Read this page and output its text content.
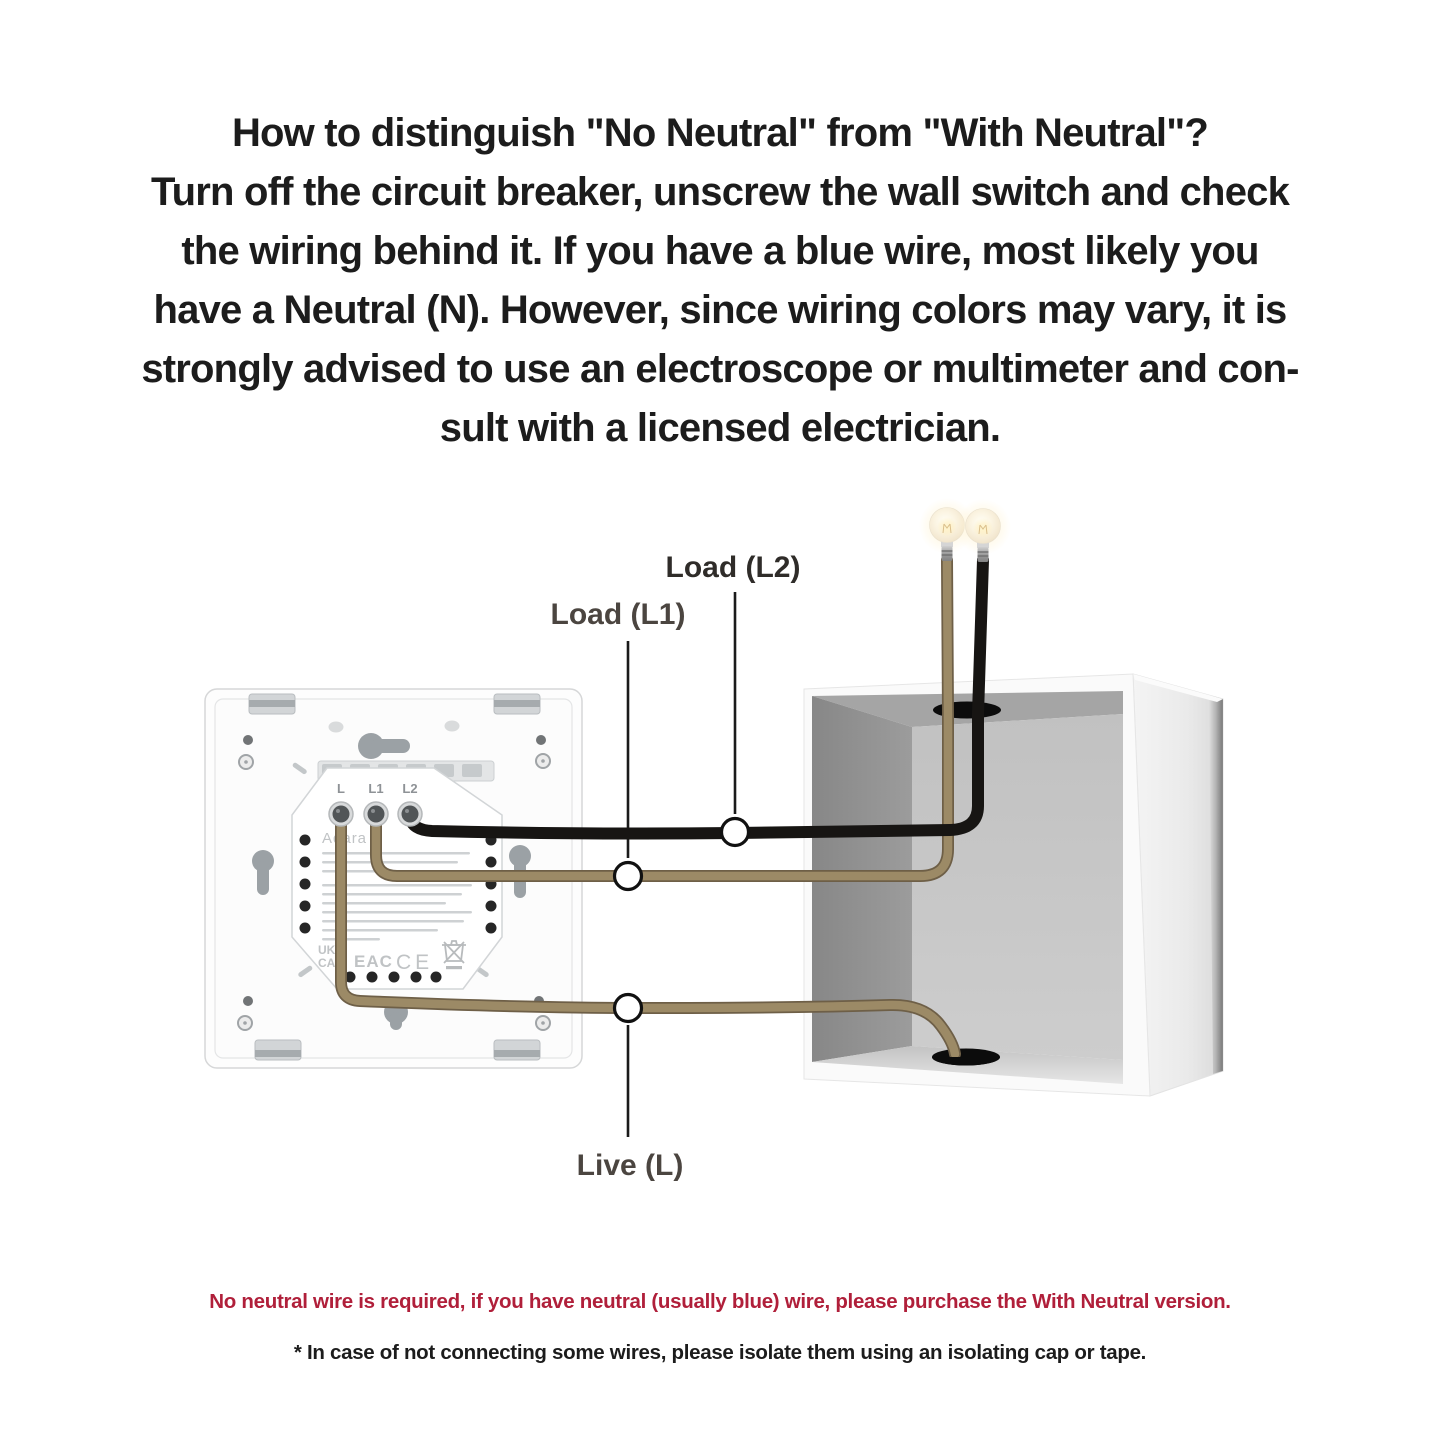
How to distinguish "No Neutral" from "With Neutral"?
Turn off the circuit breaker, unscrew the wall switch and check
the wiring behind it. If you have a blue wire, most likely you
have a Neutral (N). However, since wiring colors may vary, it is
strongly advised to use an electroscope or multimeter and con-
sult with a licensed electrician.
L L1 L2
Aqara
UK
CA EAC CE
Load (L2)
Load (L1)
Live (L)
No neutral wire is required, if you have neutral (usually blue) wire, please purchase the With Neutral version.
* In case of not connecting some wires, please isolate them using an isolating cap or tape.
